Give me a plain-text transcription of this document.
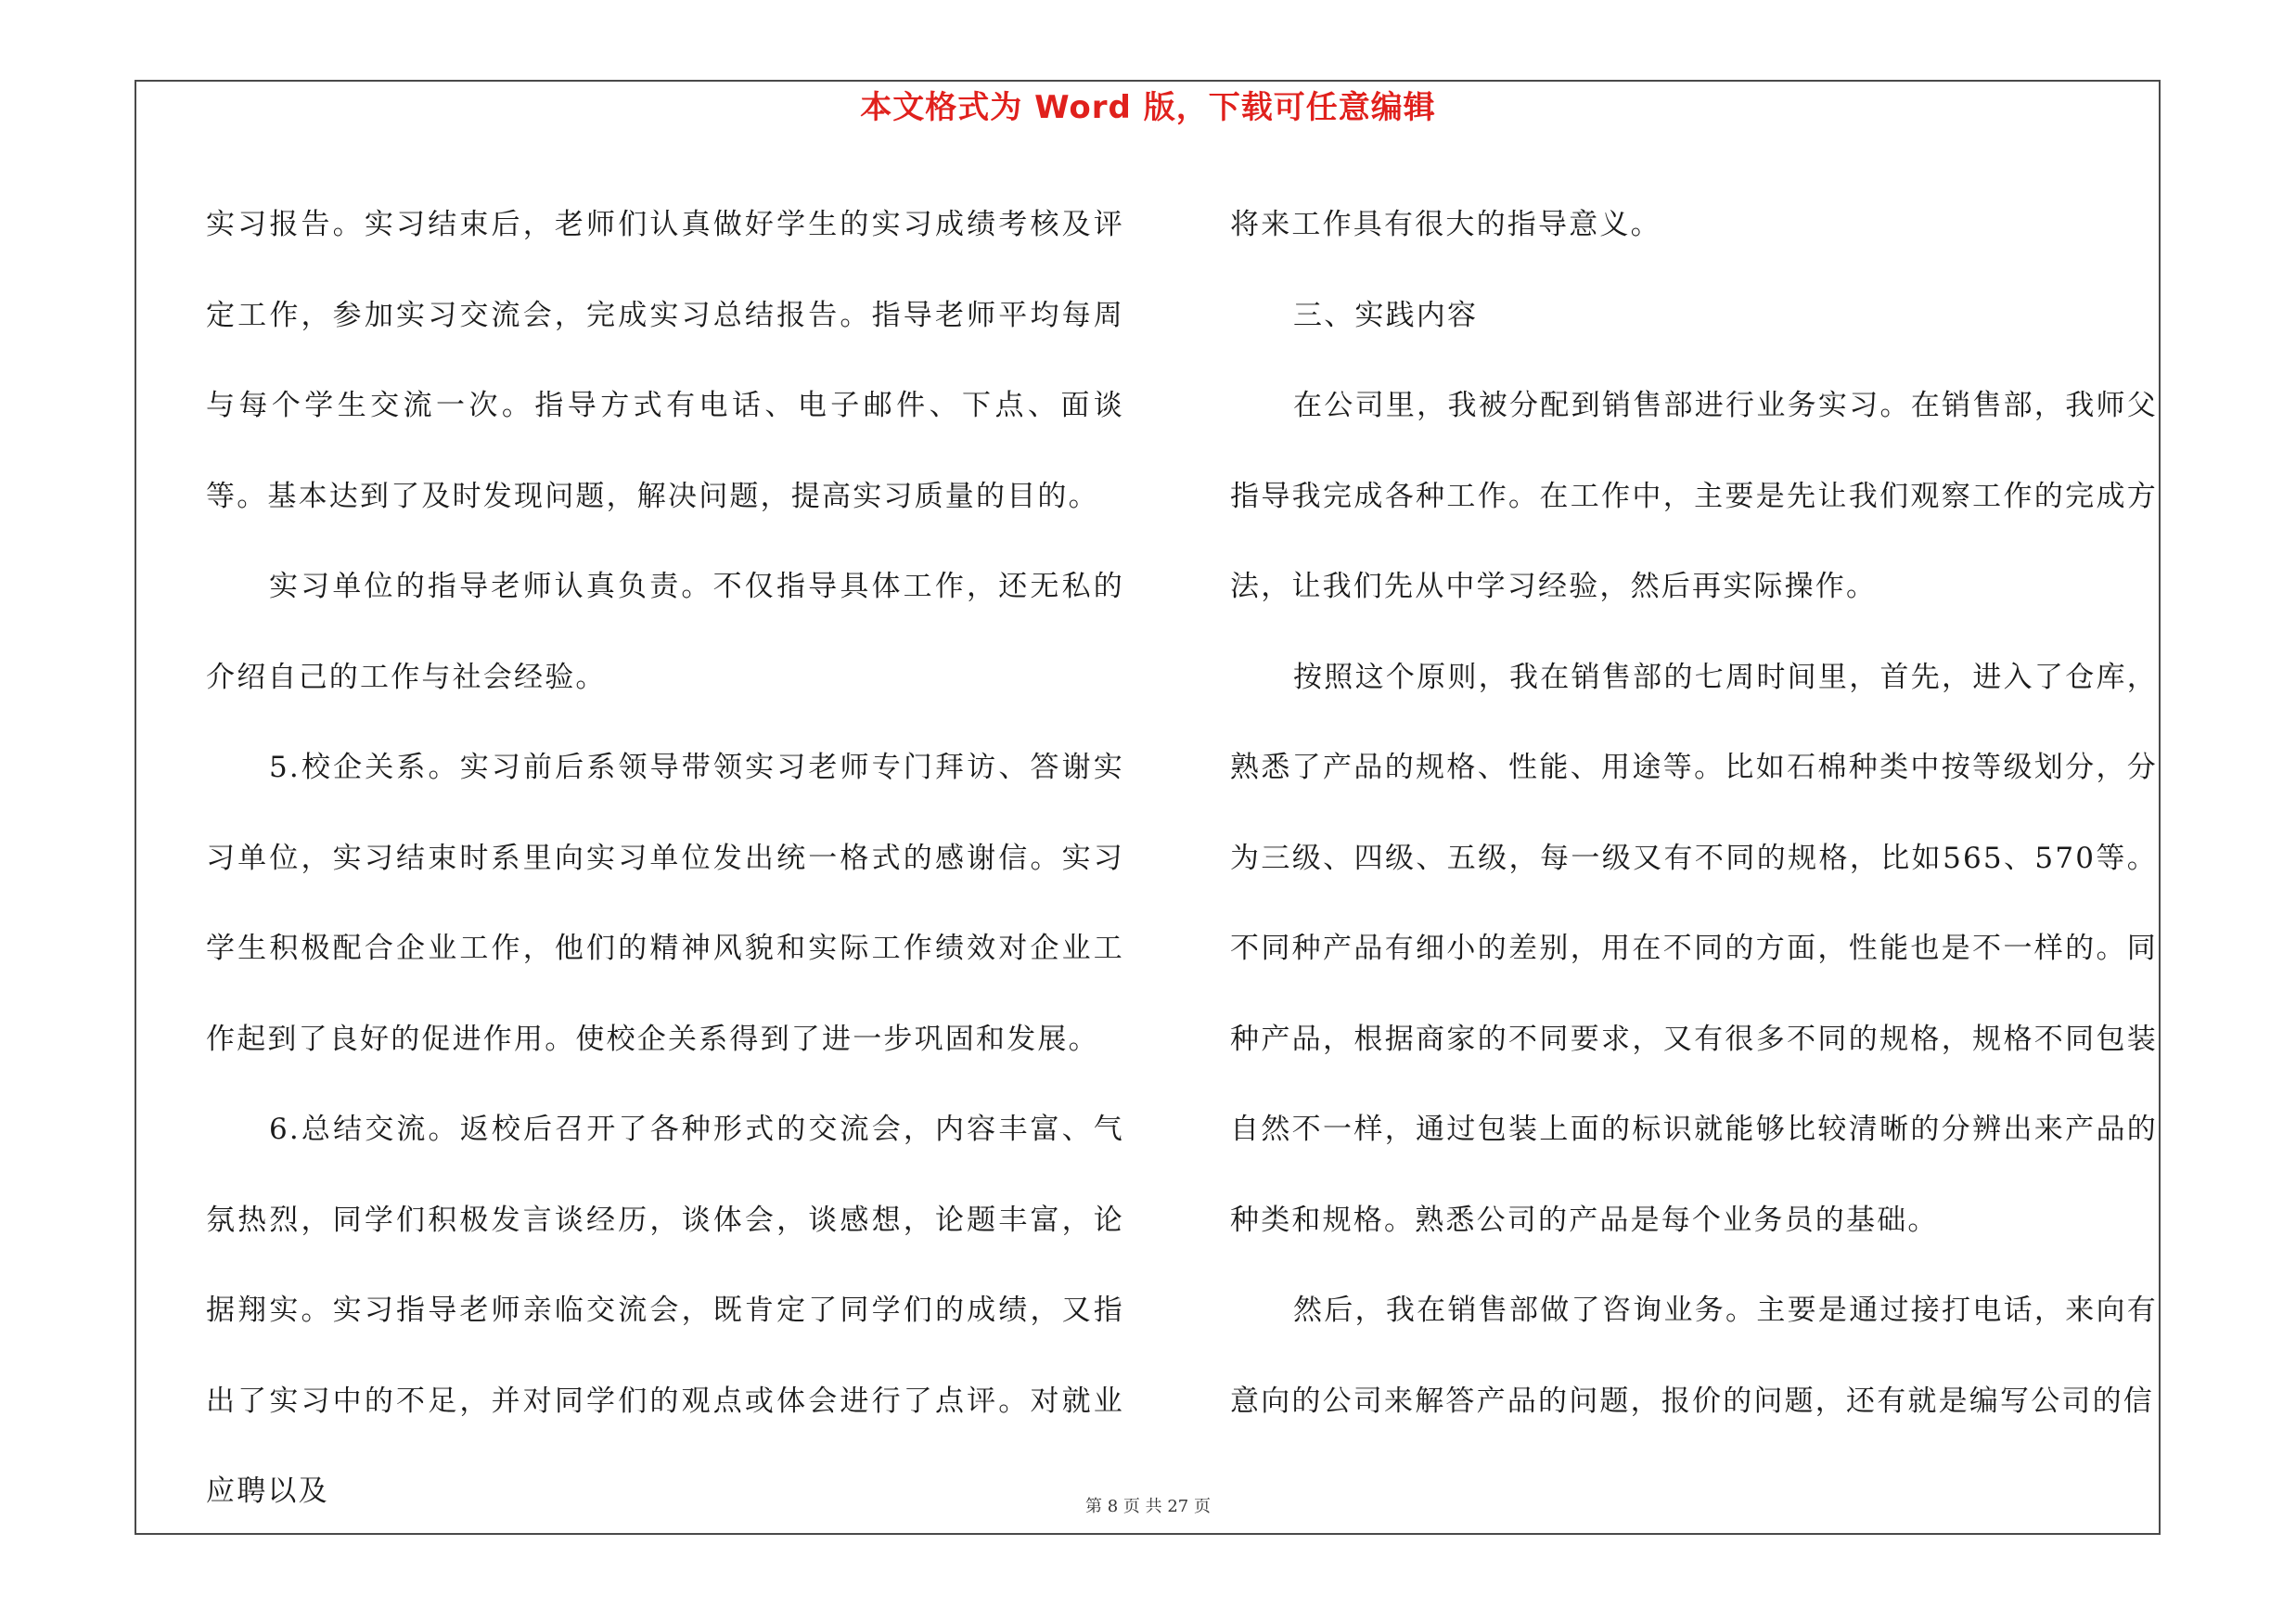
本文格式为 Word 版，下载可任意编辑

实习报告。实习结束后，老师们认真做好学生的实习成绩考核及评定工作，参加实习交流会，完成实习总结报告。指导老师平均每周与每个学生交流一次。指导方式有电话、电子邮件、下点、面谈等。基本达到了及时发现问题，解决问题，提高实习质量的目的。

实习单位的指导老师认真负责。不仅指导具体工作，还无私的介绍自己的工作与社会经验。

5.校企关系。实习前后系领导带领实习老师专门拜访、答谢实习单位，实习结束时系里向实习单位发出统一格式的感谢信。实习学生积极配合企业工作，他们的精神风貌和实际工作绩效对企业工作起到了良好的促进作用。使校企关系得到了进一步巩固和发展。

6.总结交流。返校后召开了各种形式的交流会，内容丰富、气氛热烈，同学们积极发言谈经历，谈体会，谈感想，论题丰富，论据翔实。实习指导老师亲临交流会，既肯定了同学们的成绩，又指出了实习中的不足，并对同学们的观点或体会进行了点评。对就业应聘以及

将来工作具有很大的指导意义。

三、实践内容

在公司里，我被分配到销售部进行业务实习。在销售部，我师父指导我完成各种工作。在工作中，主要是先让我们观察工作的完成方法，让我们先从中学习经验，然后再实际操作。

按照这个原则，我在销售部的七周时间里，首先，进入了仓库，熟悉了产品的规格、性能、用途等。比如石棉种类中按等级划分，分为三级、四级、五级，每一级又有不同的规格，比如565、570等。不同种产品有细小的差别，用在不同的方面，性能也是不一样的。同种产品，根据商家的不同要求，又有很多不同的规格，规格不同包装自然不一样，通过包装上面的标识就能够比较清晰的分辨出来产品的种类和规格。熟悉公司的产品是每个业务员的基础。

然后，我在销售部做了咨询业务。主要是通过接打电话，来向有意向的公司来解答产品的问题，报价的问题，还有就是编写公司的信

第 8 页 共 27 页
